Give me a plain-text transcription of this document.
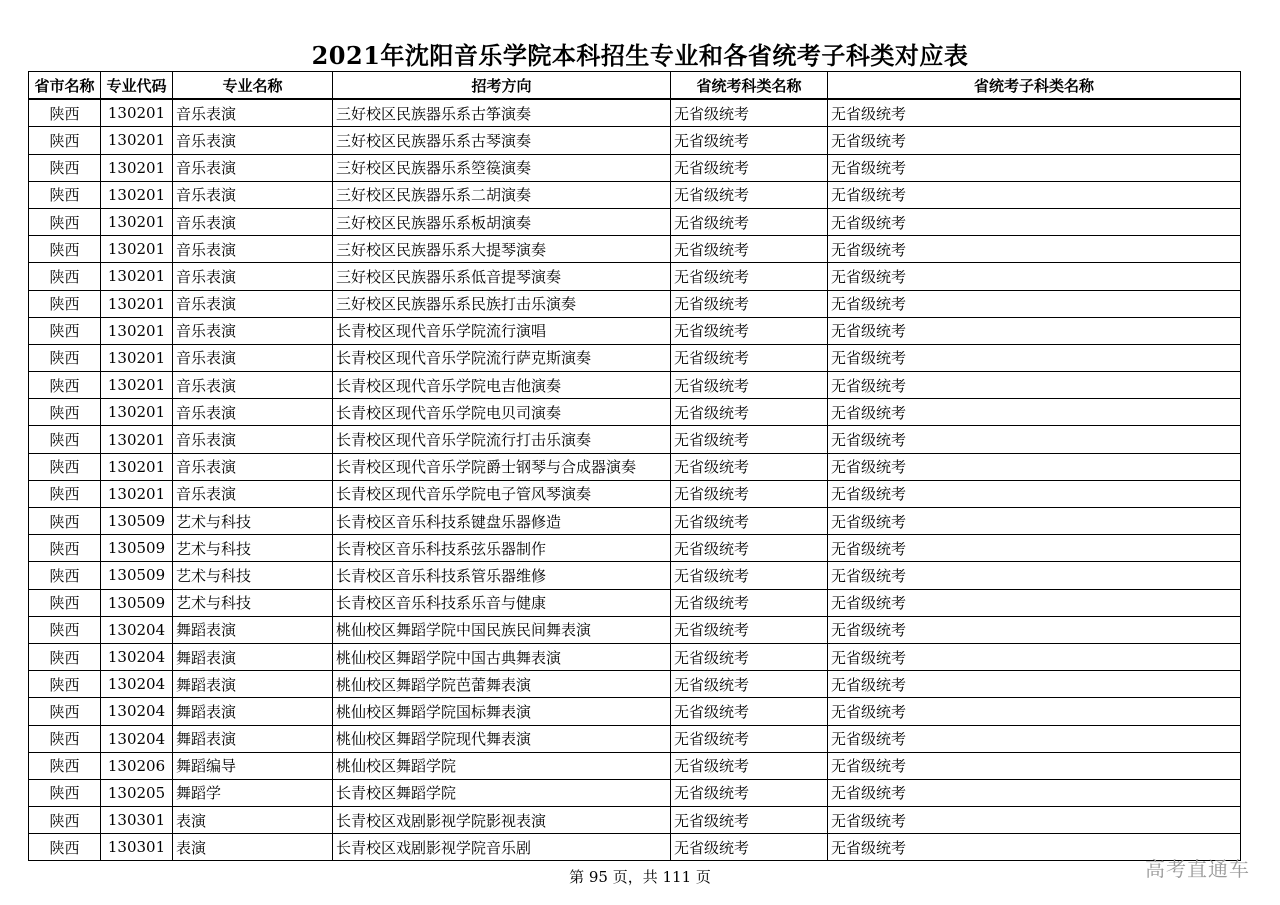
2021年沈阳音乐学院本科招生专业和各省统考子科类对应表
省市名称	专业代码	专业名称	招考方向	省统考科类名称	省统考子科类名称
陕西	130201	音乐表演	三好校区民族器乐系古筝演奏	无省级统考	无省级统考
陕西	130201	音乐表演	三好校区民族器乐系古琴演奏	无省级统考	无省级统考
陕西	130201	音乐表演	三好校区民族器乐系箜篌演奏	无省级统考	无省级统考
陕西	130201	音乐表演	三好校区民族器乐系二胡演奏	无省级统考	无省级统考
陕西	130201	音乐表演	三好校区民族器乐系板胡演奏	无省级统考	无省级统考
陕西	130201	音乐表演	三好校区民族器乐系大提琴演奏	无省级统考	无省级统考
陕西	130201	音乐表演	三好校区民族器乐系低音提琴演奏	无省级统考	无省级统考
陕西	130201	音乐表演	三好校区民族器乐系民族打击乐演奏	无省级统考	无省级统考
陕西	130201	音乐表演	长青校区现代音乐学院流行演唱	无省级统考	无省级统考
陕西	130201	音乐表演	长青校区现代音乐学院流行萨克斯演奏	无省级统考	无省级统考
陕西	130201	音乐表演	长青校区现代音乐学院电吉他演奏	无省级统考	无省级统考
陕西	130201	音乐表演	长青校区现代音乐学院电贝司演奏	无省级统考	无省级统考
陕西	130201	音乐表演	长青校区现代音乐学院流行打击乐演奏	无省级统考	无省级统考
陕西	130201	音乐表演	长青校区现代音乐学院爵士钢琴与合成器演奏	无省级统考	无省级统考
陕西	130201	音乐表演	长青校区现代音乐学院电子管风琴演奏	无省级统考	无省级统考
陕西	130509	艺术与科技	长青校区音乐科技系键盘乐器修造	无省级统考	无省级统考
陕西	130509	艺术与科技	长青校区音乐科技系弦乐器制作	无省级统考	无省级统考
陕西	130509	艺术与科技	长青校区音乐科技系管乐器维修	无省级统考	无省级统考
陕西	130509	艺术与科技	长青校区音乐科技系乐音与健康	无省级统考	无省级统考
陕西	130204	舞蹈表演	桃仙校区舞蹈学院中国民族民间舞表演	无省级统考	无省级统考
陕西	130204	舞蹈表演	桃仙校区舞蹈学院中国古典舞表演	无省级统考	无省级统考
陕西	130204	舞蹈表演	桃仙校区舞蹈学院芭蕾舞表演	无省级统考	无省级统考
陕西	130204	舞蹈表演	桃仙校区舞蹈学院国标舞表演	无省级统考	无省级统考
陕西	130204	舞蹈表演	桃仙校区舞蹈学院现代舞表演	无省级统考	无省级统考
陕西	130206	舞蹈编导	桃仙校区舞蹈学院	无省级统考	无省级统考
陕西	130205	舞蹈学	长青校区舞蹈学院	无省级统考	无省级统考
陕西	130301	表演	长青校区戏剧影视学院影视表演	无省级统考	无省级统考
陕西	130301	表演	长青校区戏剧影视学院音乐剧	无省级统考	无省级统考
第 95 页，共 111 页	高考直通车
